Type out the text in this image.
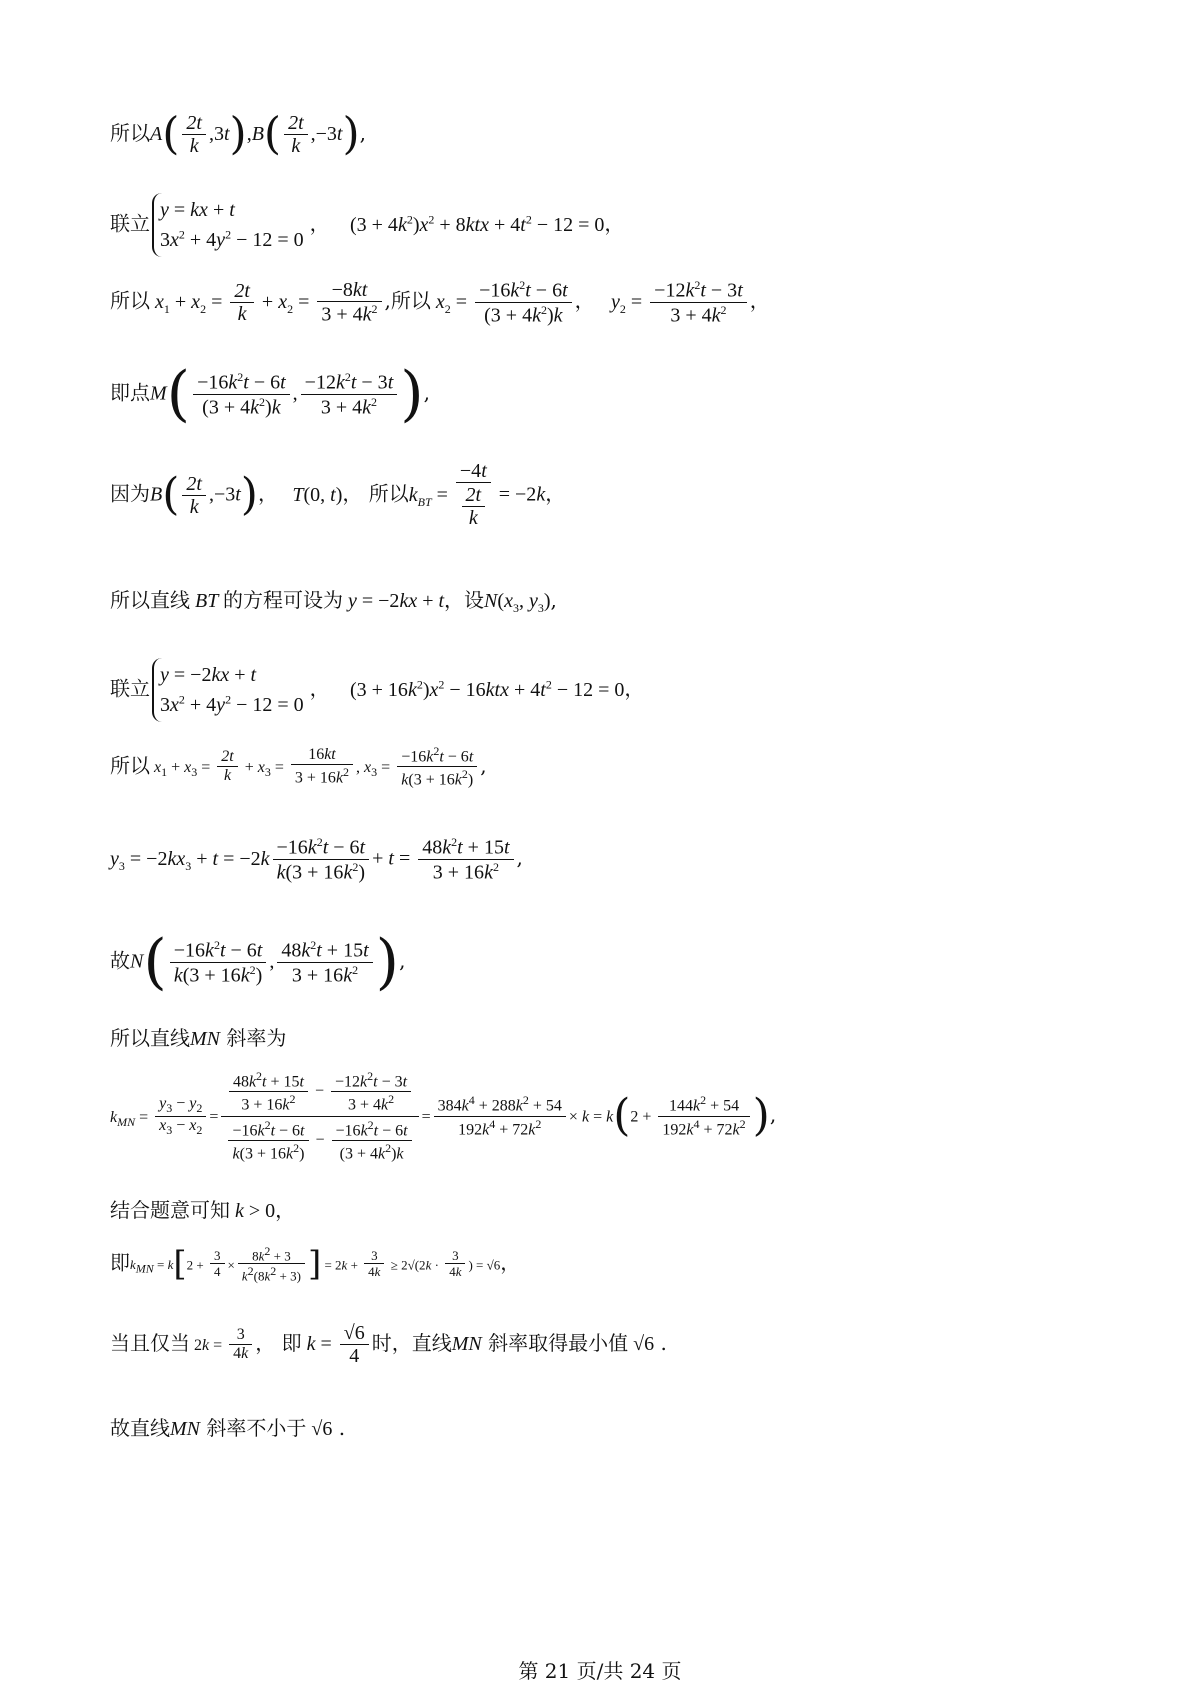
所以$A( \frac{2t}{k} ,3t),B( \frac{2t}{k} ,-3t)$,
联立
y = kx + t
$3x^2 + 4y^2 - 12 = 0$
， $(3 + 4k^2)x^2 + 8ktx + 4t^2 - 12 = 0$，
所以 $x_1 + x_2 = \frac{2t}{k} + x_2 = \frac{-8kt}{3 + 4k^2}$ ,所以 $x_2 = \frac{-16k^2t - 6t}{(3 + 4k^2)k}$ ， $y_2 = \frac{-12k^2t - 3t}{3 + 4k^2}$ ，
即点$M( \frac{-16k^2t - 6t}{(3 + 4k^2)k}$ , $\frac{-12k^2t - 3t}{3 + 4k^2}$ ),
因为$B( \frac{2t}{k} ,-3t)$， T(0, t)， 所以$k_{BT} = \frac{-4t}{\frac{2t}{k}} = -2k$，
所以直线 BT 的方程可设为 y = −2kx + t，设$N(x_3$, $y_3$),
联立
y = −2kx + t
$3x^2 + 4y^2 - 12 = 0$
， $(3 + 16k^2)x^2 - 16ktx + 4t^2 - 12 = 0$，
所以 $x_1 + x_3 = \frac{2t}{k} + x_3 = \frac{16kt}{3 + 16k^2}$ , $x_3 = \frac{-16k^2t - 6t}{k(3 + 16k^2)}$ ,
$y_3 = -2kx_3 + t = -2k \frac{-16k^2t - 6t}{k(3 + 16k^2)} + t = \frac{48k^2t + 15t}{3 + 16k^2}$ ,
故$N( \frac{-16k^2t - 6t}{k(3 + 16k^2)}$ , $\frac{48k^2t + 15t}{3 + 16k^2}$ ),
所以直线MN 斜率为
$k_{MN} = \frac{y_3 - y_2}{x_3 - x_2} = \frac{\frac{48k^2t + 15t}{3 + 16k^2} - \frac{-12k^2t - 3t}{3 + 4k^2}}{\frac{-16k^2t - 6t}{k(3 + 16k^2)} - \frac{-16k^2t - 6t}{(3 + 4k^2)k}} = \frac{384k^4 + 288k^2 + 54}{192k^4 + 72k^2} \times k = k(2 + \frac{144k^2 + 54}{192k^4 + 72k^2}$ ),
结合题意可知 k > 0，
即$k_{MN} = k[2 + \frac{3}{4} \times \frac{8k^2 + 3}{k^2(8k^2 + 3)}$ ] = $2k + \frac{3}{4k} \ge 2√(2k \cdot \frac{3}{4k}$ ) = √6，
当且仅当 $2k = \frac{3}{4k}$ ， 即 $k = \frac{√6}{4}$ 时，直线MN 斜率取得最小值 √6 .
故直线MN 斜率不小于 √6 .
第 21 页/共 24 页
